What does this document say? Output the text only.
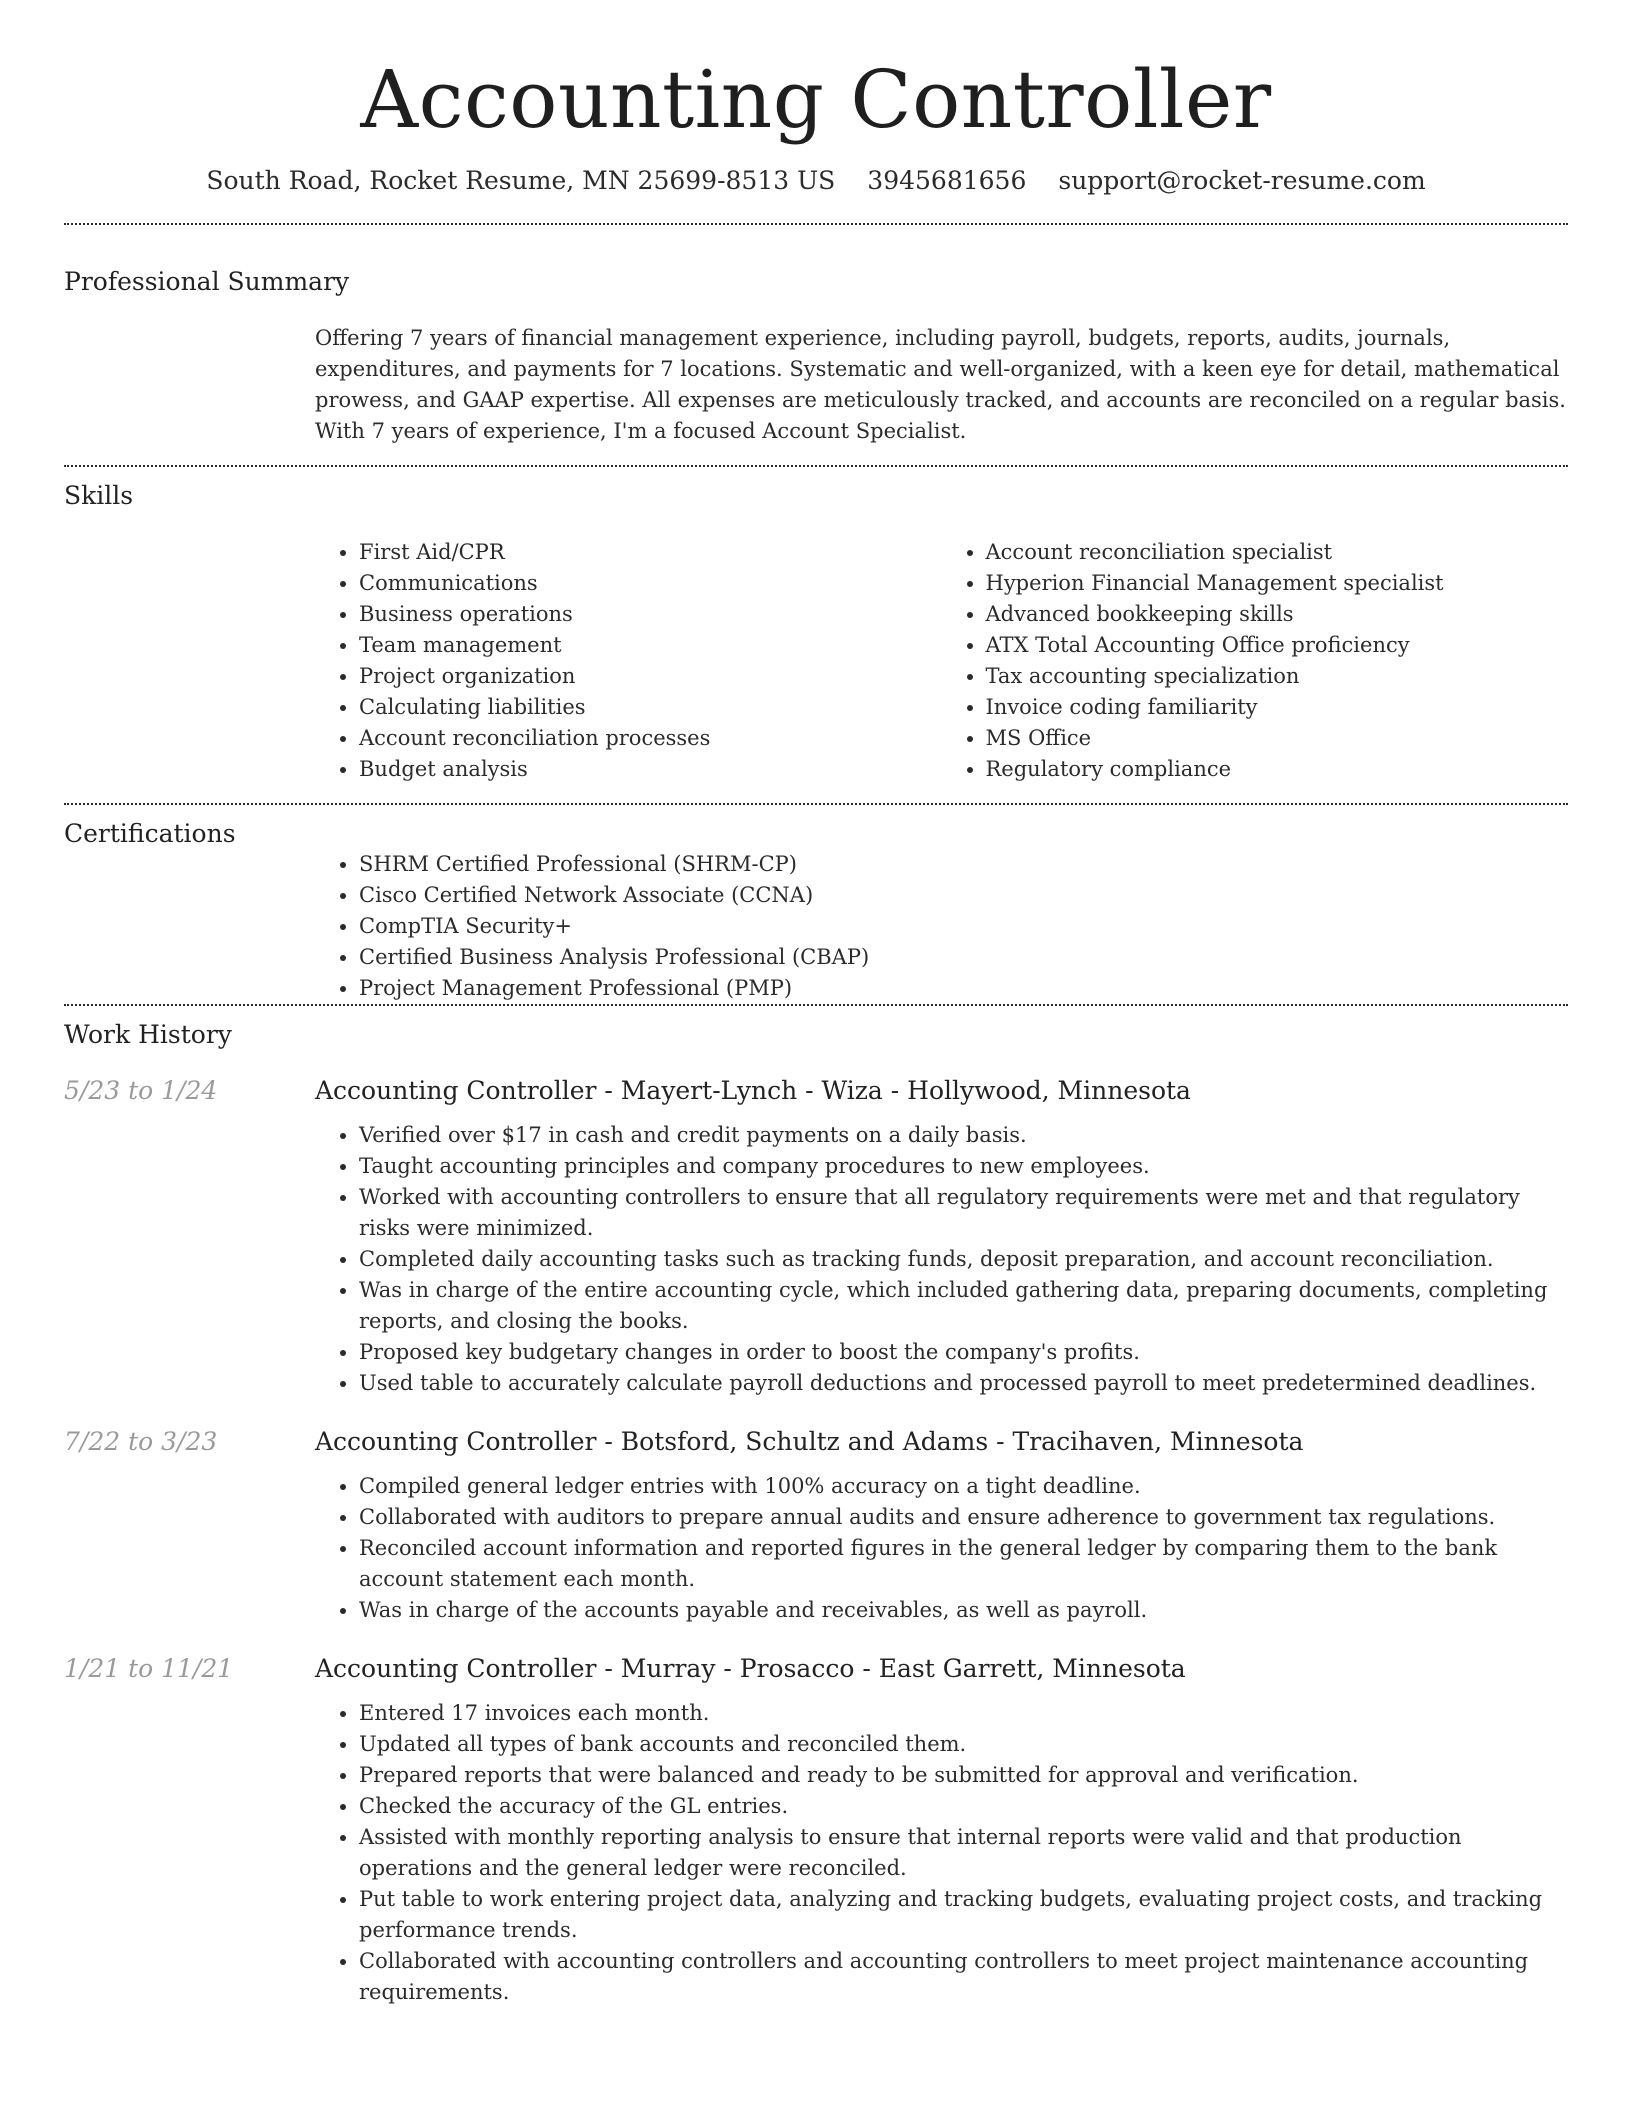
Accounting Controller
South Road, Rocket Resume, MN 25699-8513 US 3945681656 support@rocket-resume.com
Professional Summary

Offering 7 years of financial management experience, including payroll, budgets, reports, audits, journals, expenditures, and payments for 7 locations. Systematic and well-organized, with a keen eye for detail, mathematical prowess, and GAAP expertise. All expenses are meticulously tracked, and accounts are reconciled on a regular basis. With 7 years of experience, I'm a focused Account Specialist.

Skills
• First Aid/CPR
• Communications
• Business operations
• Team management
• Project organization
• Calculating liabilities
• Account reconciliation processes
• Budget analysis
• Account reconciliation specialist
• Hyperion Financial Management specialist
• Advanced bookkeeping skills
• ATX Total Accounting Office proficiency
• Tax accounting specialization
• Invoice coding familiarity
• MS Office
• Regulatory compliance
Certifications
• SHRM Certified Professional (SHRM-CP)
• Cisco Certified Network Associate (CCNA)
• CompTIA Security+
• Certified Business Analysis Professional (CBAP)
• Project Management Professional (PMP)
Work History
5/23 to 1/24	Accounting Controller - Mayert-Lynch - Wiza - Hollywood, Minnesota
• Verified over $17 in cash and credit payments on a daily basis.
• Taught accounting principles and company procedures to new employees.
• Worked with accounting controllers to ensure that all regulatory requirements were met and that regulatory risks were minimized.
• Completed daily accounting tasks such as tracking funds, deposit preparation, and account reconciliation.
• Was in charge of the entire accounting cycle, which included gathering data, preparing documents, completing reports, and closing the books.
• Proposed key budgetary changes in order to boost the company's profits.
• Used table to accurately calculate payroll deductions and processed payroll to meet predetermined deadlines.
7/22 to 3/23	Accounting Controller - Botsford, Schultz and Adams - Tracihaven, Minnesota
• Compiled general ledger entries with 100% accuracy on a tight deadline.
• Collaborated with auditors to prepare annual audits and ensure adherence to government tax regulations.
• Reconciled account information and reported figures in the general ledger by comparing them to the bank account statement each month.
• Was in charge of the accounts payable and receivables, as well as payroll.
1/21 to 11/21	Accounting Controller - Murray - Prosacco - East Garrett, Minnesota
• Entered 17 invoices each month.
• Updated all types of bank accounts and reconciled them.
• Prepared reports that were balanced and ready to be submitted for approval and verification.
• Checked the accuracy of the GL entries.
• Assisted with monthly reporting analysis to ensure that internal reports were valid and that production operations and the general ledger were reconciled.
• Put table to work entering project data, analyzing and tracking budgets, evaluating project costs, and tracking performance trends.
• Collaborated with accounting controllers and accounting controllers to meet project maintenance accounting requirements.
